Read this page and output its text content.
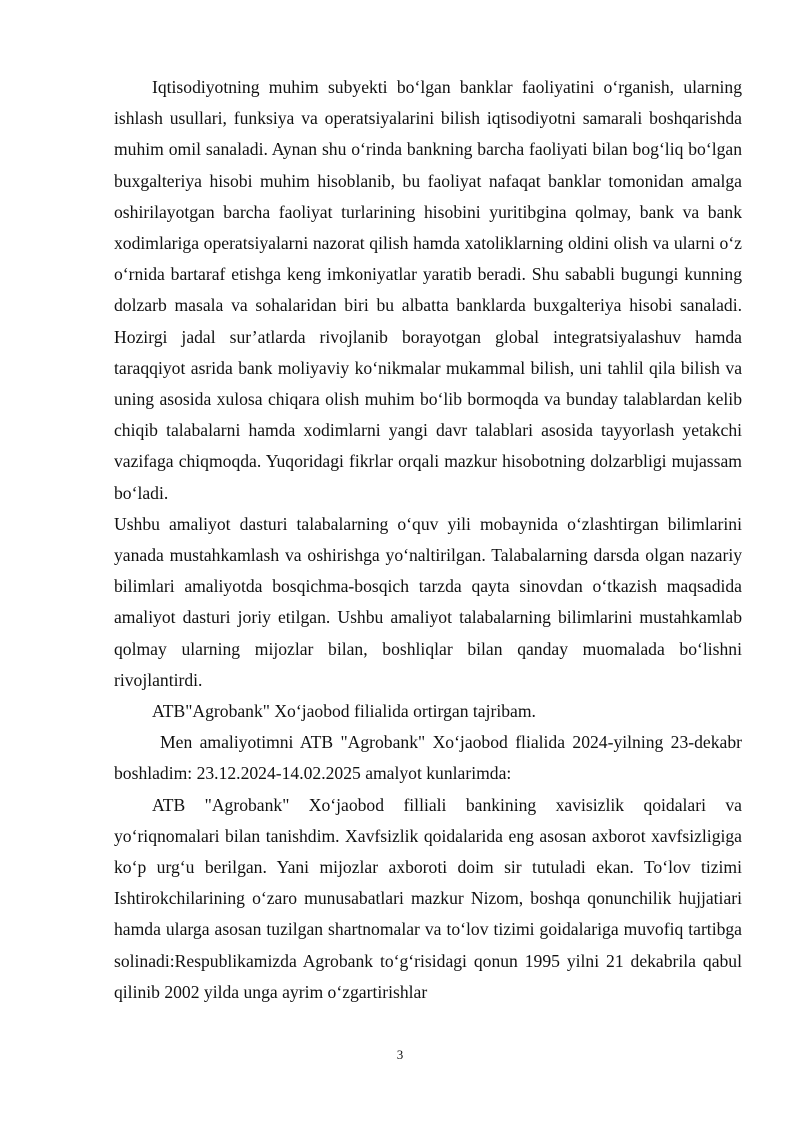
Iqtisodiyotning muhim subyekti bo‘lgan banklar faoliyatini o‘rganish, ularning ishlash usullari, funksiya va operatsiyalarini bilish iqtisodiyotni samarali boshqarishda muhim omil sanaladi. Aynan shu o‘rinda bankning barcha faoliyati bilan bog‘liq bo‘lgan buxgalteriya hisobi muhim hisoblanib, bu faoliyat nafaqat banklar tomonidan amalga oshirilayotgan barcha faoliyat turlarining hisobini yuritibgina qolmay, bank va bank xodimlariga operatsiyalarni nazorat qilish hamda xatoliklarning oldini olish va ularni o‘z o‘rnida bartaraf etishga keng imkoniyatlar yaratib beradi. Shu sababli bugungi kunning dolzarb masala va sohalaridan biri bu albatta banklarda buxgalteriya hisobi sanaladi. Hozirgi jadal sur’atlarda rivojlanib borayotgan global integratsiyalashuv hamda taraqqiyot asrida bank moliyaviy ko‘nikmalar mukammal bilish, uni tahlil qila bilish va uning asosida xulosa chiqara olish muhim bo‘lib bormoqda va bunday talablardan kelib chiqib talabalarni hamda xodimlarni yangi davr talablari asosida tayyorlash yetakchi vazifaga chiqmoqda. Yuqoridagi fikrlar orqali mazkur hisobotning dolzarbligi mujassam bo‘ladi.

Ushbu amaliyot dasturi talabalarning o‘quv yili mobaynida o‘zlashtirgan bilimlarini yanada mustahkamlash va oshirishga yo‘naltirilgan. Talabalarning darsda olgan nazariy bilimlari amaliyotda bosqichma-bosqich tarzda qayta sinovdan o‘tkazish maqsadida amaliyot dasturi joriy etilgan. Ushbu amaliyot talabalarning bilimlarini mustahkamlab qolmay ularning mijozlar bilan, boshliqlar bilan qanday muomalada bo‘lishni rivojlantirdi.

ATB"Agrobank" Xo‘jaobod filialida ortirgan tajribam.

Men amaliyotimni ATB "Agrobank" Xo‘jaobod flialida 2024-yilning 23-dekabr boshladim: 23.12.2024-14.02.2025 amalyot kunlarimda:

ATB "Agrobank" Xo‘jaobod filliali bankining xavisizlik qoidalari va yo‘riqnomalari bilan tanishdim. Xavfsizlik qoidalarida eng asosan axborot xavfsizligiga ko‘p urg‘u berilgan. Yani mijozlar axboroti doim sir tutuladi ekan. To‘lov tizimi Ishtirokchilarining o‘zaro munusabatlari mazkur Nizom, boshqa qonunchilik hujjatiari hamda ularga asosan tuzilgan shartnomalar va to‘lov tizimi goidalariga muvofiq tartibga solinadi:Respublikamizda Agrobank to‘g‘risidagi qonun 1995 yilni 21 dekabrila qabul qilinib 2002 yilda unga ayrim o‘zgartirishlar

3
